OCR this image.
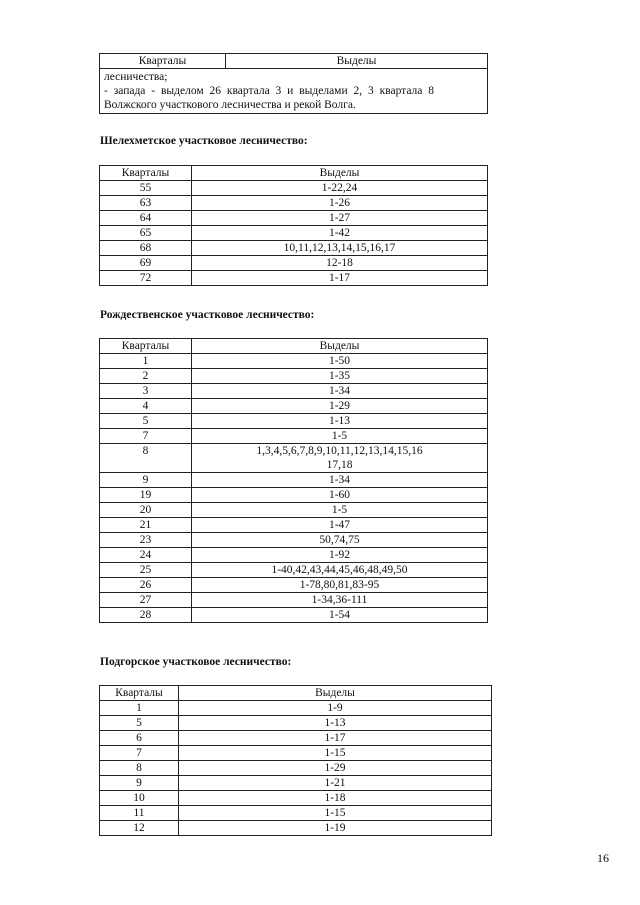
Кварталы	Выделы

лесничества;
- запада - выделом 26 квартала 3 и выделами 2, 3 квартала 8
Волжского участкового лесничества и рекой Волга.
Шелехметское участковое лесничество:
Кварталы	Выделы
55	1-22,24
63	1-26
64	1-27
65	1-42
68	10,11,12,13,14,15,16,17
69	12-18
72	1-17
Рождественское участковое лесничество:
Кварталы	Выделы
1	1-50
2	1-35
3	1-34
4	1-29
5	1-13
7	1-5
8	1,3,4,5,6,7,8,9,10,11,12,13,14,15,16
17,18

9	1-34
19	1-60
20	1-5
21	1-47
23	50,74,75
24	1-92
25	1-40,42,43,44,45,46,48,49,50
26	1-78,80,81,83-95
27	1-34,36-111
28	1-54
Подгорское участковое лесничество:
Кварталы	Выделы
1	1-9
5	1-13
6	1-17
7	1-15
8	1-29
9	1-21
10	1-18
11	1-15
12	1-19
16
